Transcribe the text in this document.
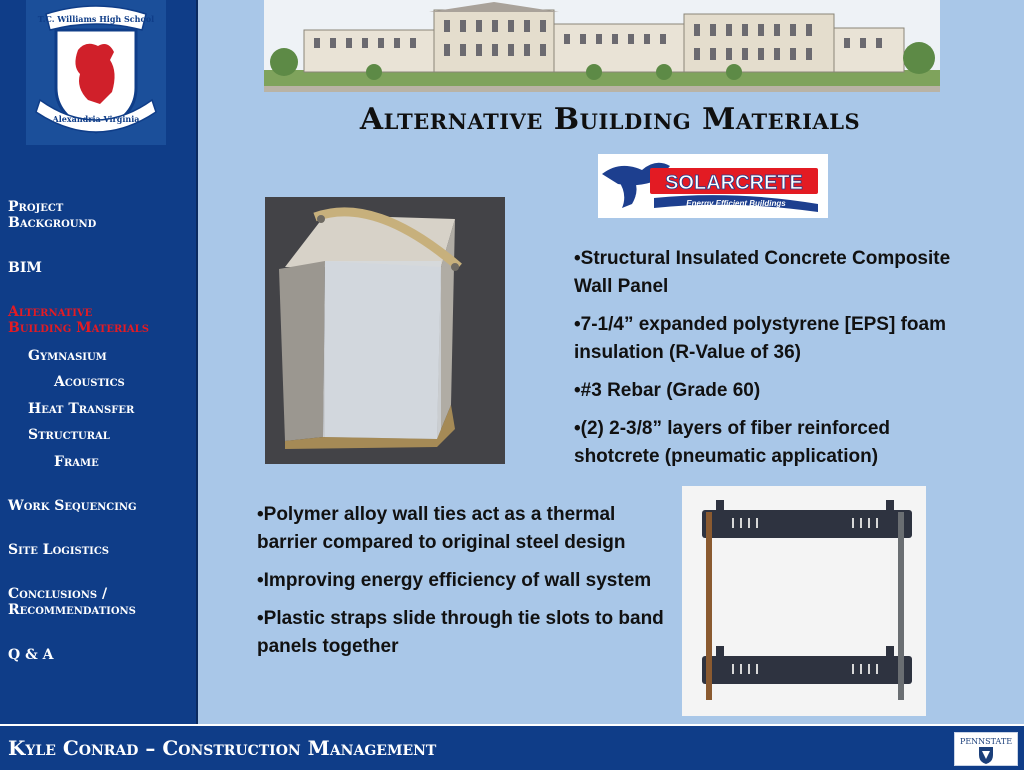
T.C. Williams High School
Alexandria Virginia
Project
Background
BIM
Alternative
Building Materials
Gymnasium
Acoustics
Heat Transfer
Structural
Frame
Work Sequencing
Site Logistics
Conclusions /
Recommendations
Q & A
Alternative Building Materials
SOLARCRETE
Energy Efficient Buildings

•Structural Insulated Concrete Composite Wall Panel

•7-1/4” expanded polystyrene [EPS] foam insulation (R-Value of 36)

•#3 Rebar (Grade 60)

•(2) 2-3/8” layers of fiber reinforced shotcrete (pneumatic application)

•Polymer alloy wall ties act as a thermal barrier compared to original steel design

•Improving energy efficiency of wall system

•Plastic straps slide through tie slots to band panels together

Kyle Conrad – Construction Management	PENNSTATE
